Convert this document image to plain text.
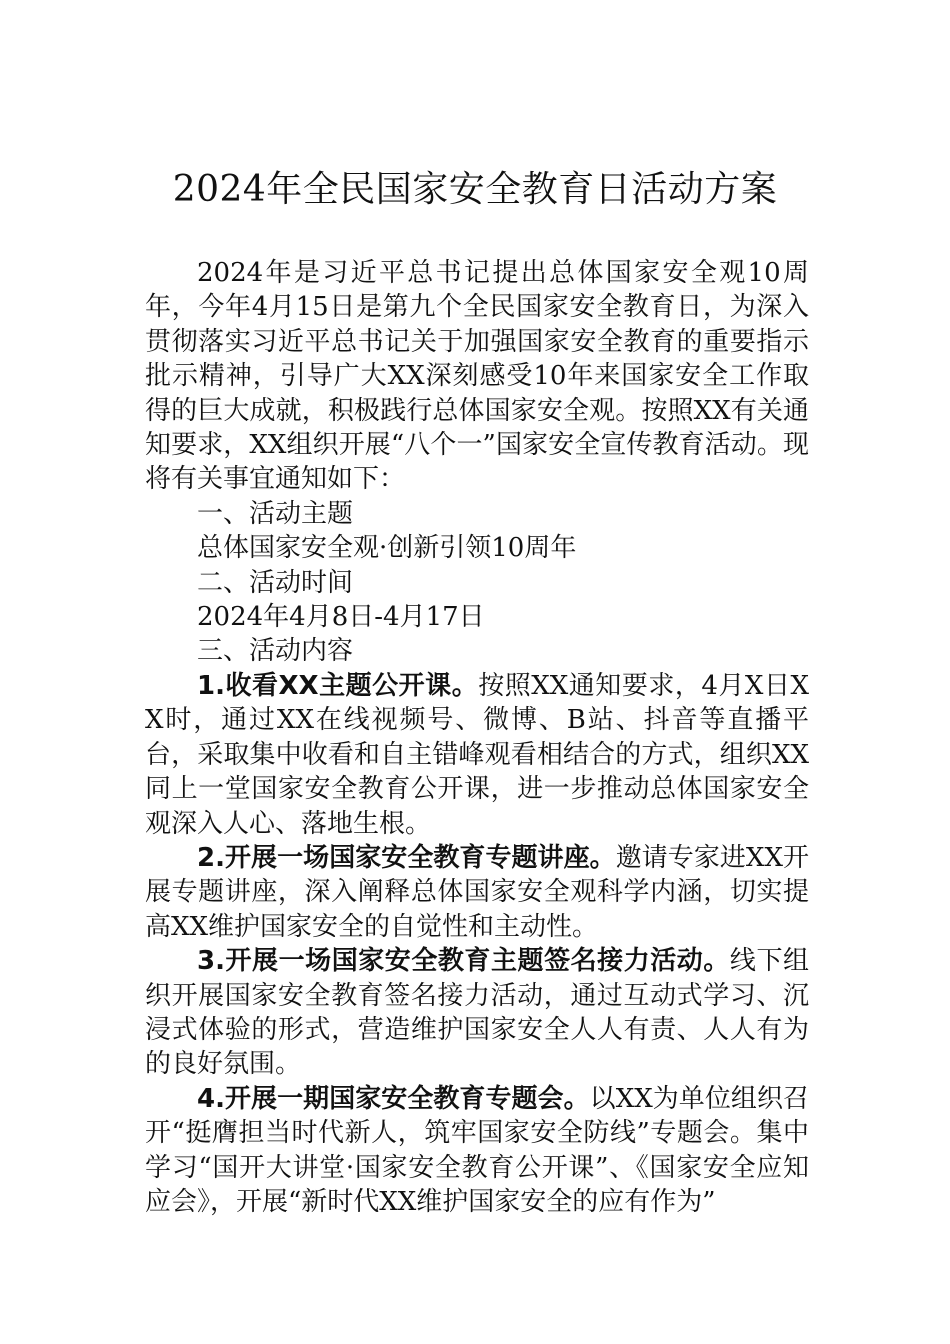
2024年全民国家安全教育日活动方案

2024年是习近平总书记提出总体国家安全观10周年，今年4月15日是第九个全民国家安全教育日，为深入贯彻落实习近平总书记关于加强国家安全教育的重要指示批示精神，引导广大XX深刻感受10年来国家安全工作取得的巨大成就，积极践行总体国家安全观。按照XX有关通知要求，XX组织开展“八个一”国家安全宣传教育活动。现将有关事宜通知如下：

一、活动主题

总体国家安全观·创新引领10周年

二、活动时间

2024年4月8日-4月17日

三、活动内容

1.收看XX主题公开课。按照XX通知要求，4月X日XX时，通过XX在线视频号、微博、B站、抖音等直播平台，采取集中收看和自主错峰观看相结合的方式，组织XX同上一堂国家安全教育公开课，进一步推动总体国家安全观深入人心、落地生根。

2.开展一场国家安全教育专题讲座。邀请专家进XX开展专题讲座，深入阐释总体国家安全观科学内涵，切实提高XX维护国家安全的自觉性和主动性。

3.开展一场国家安全教育主题签名接力活动。线下组织开展国家安全教育签名接力活动，通过互动式学习、沉浸式体验的形式，营造维护国家安全人人有责、人人有为的良好氛围。

4.开展一期国家安全教育专题会。以XX为单位组织召开“挺膺担当时代新人，筑牢国家安全防线”专题会。集中学习“国开大讲堂·国家安全教育公开课”、《国家安全应知应会》，开展“新时代XX维护国家安全的应有作为”
